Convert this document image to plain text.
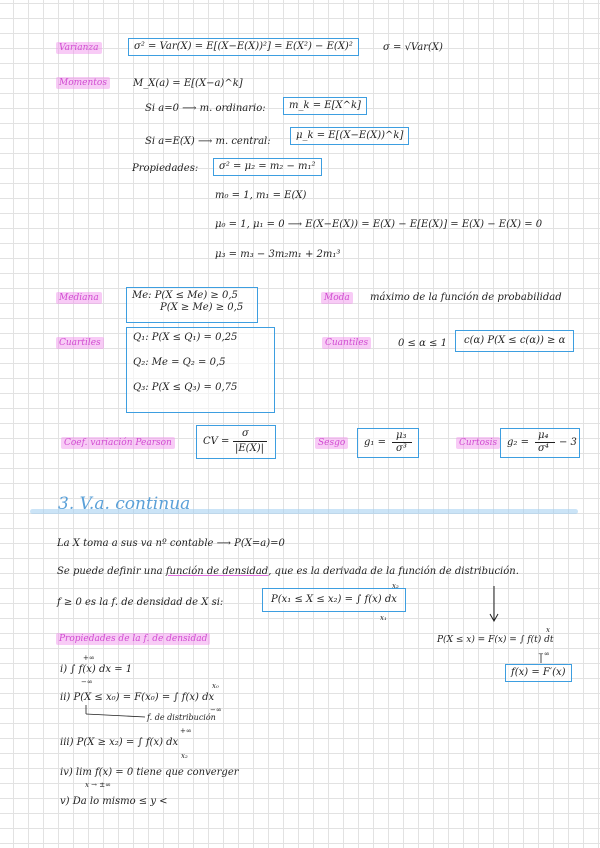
Varianza	σ² = Var(X) = E[(X−E(X))²] = E(X²) − E(X)²	σ = √Var(X)
Momentos	M_X(a) = E[(X−a)^k]
Si a=0 ⟶ m. ordinario:	m_k = E[X^k]
Si a=E(X) ⟶ m. central:
μ_k = E[(X−E(X))^k]
Propiedades:	σ² = μ₂ = m₂ − m₁²
m₀ = 1, m₁ = E(X)
μ₀ = 1, μ₁ = 0 ⟶ E(X−E(X)) = E(X) − E[E(X)] = E(X) − E(X) = 0
μ₃ = m₃ − 3m₂m₁ + 2m₁³
Mediana	Me: P(X ≤ Me) ≥ 0,5
P(X ≥ Me) ≥ 0,5
Moda	máximo de la función de probabilidad
Cuartiles	Q₁: P(X ≤ Q₁) = 0,25
Q₂: Me = Q₂ = 0,5
Q₃: P(X ≤ Q₃) = 0,75
Cuantiles	0 ≤ α ≤ 1	c(α) P(X ≤ c(α)) ≥ α
Coef. variación Pearson	CV =
σ
|E(X)|	Sesgo	g₁ =
μ₃
σ³	Curtosis g₂ =
μ₄
σ⁴
− 3
3. V.a. continua
La X toma a sus va nº contable ⟶ P(X=a)=0
Se puede definir una función de densidad, que es la derivada de la función de distribución.
f ≥ 0 es la f. de densidad de X si:	P(x₁ ≤ X ≤ x₂) = ∫ f(x) dx
x₂
x₁
P(X ≤ x) = F(x) = ∫ f(t) dt
x
−∞
f(x) = F′(x)
Propiedades de la f. de densidad
i) ∫ f(x) dx = 1
+∞
−∞
ii) P(X ≤ x₀) = F(x₀) = ∫ f(x) dx
x₀
−∞
f. de distribución
iii) P(X ≥ x₂) = ∫ f(x) dx
+∞
x₂
iv) lim f(x) = 0 tiene que converger
x → ±∞
v) Da lo mismo ≤ y <
